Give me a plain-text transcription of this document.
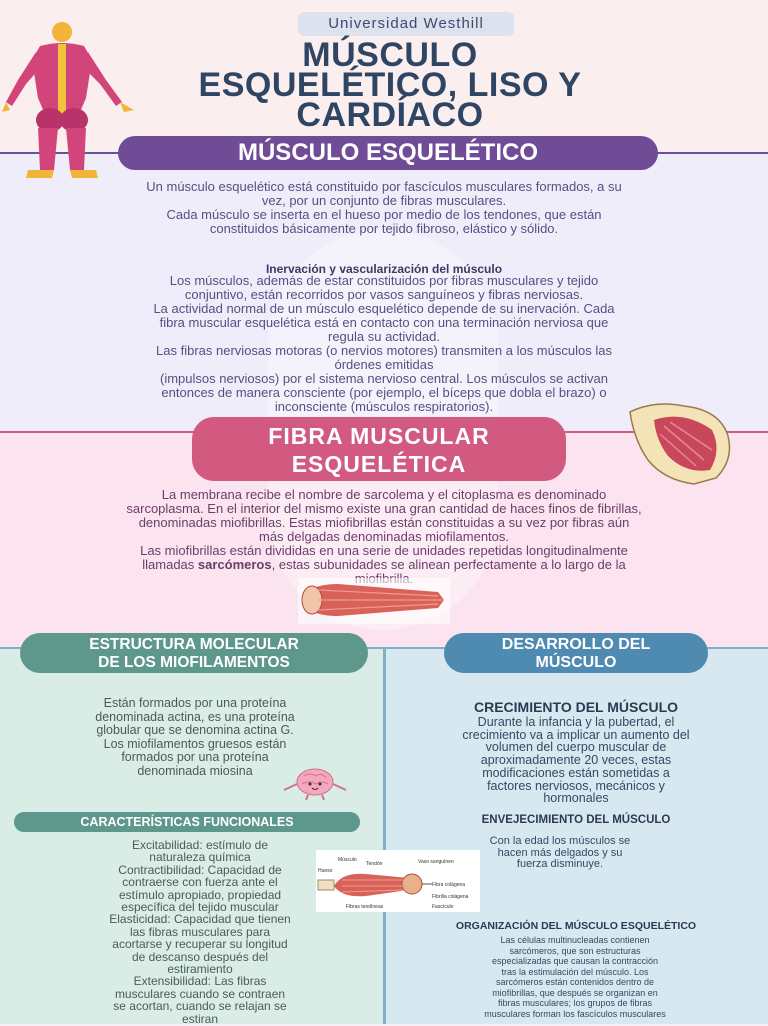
Universidad Westhill
MÚSCULO
ESQUELÉTICO, LISO Y
CARDÍACO
MÚSCULO ESQUELÉTICO

Un músculo esquelético está constituido por fascículos musculares formados, a su

vez, por un conjunto de fibras musculares.

Cada músculo se inserta en el hueso por medio de los tendones, que están

constituidos básicamente por tejido fibroso, elástico y sólido.

Inervación y vascularización del músculo

Los músculos, además de estar constituidos por fibras musculares y tejido

conjuntivo, están recorridos por vasos sanguíneos y fibras nerviosas.

La actividad normal de un músculo esquelético depende de su inervación. Cada

fibra muscular esquelética está en contacto con una terminación nerviosa que

regula su actividad.

Las fibras nerviosas motoras (o nervios motores) transmiten a los músculos las

órdenes emitidas

(impulsos nerviosos) por el sistema nervioso central. Los músculos se activan

entonces de manera consciente (por ejemplo, el bíceps que dobla el brazo) o

inconsciente (músculos respiratorios).

FIBRA MUSCULAR
ESQUELÉTICA

La membrana recibe el nombre de sarcolema y el citoplasma es denominado

sarcoplasma. En el interior del mismo existe una gran cantidad de haces finos de fibrillas,

denominadas miofibrillas. Estas miofibrillas están constituidas a su vez por fibras aún

más delgadas denominadas miofilamentos.

Las miofibrillas están divididas en una serie de unidades repetidas longitudinalmente

llamadas sarcómeros, estas subunidades se alinean perfectamente a lo largo de la

ESTRUCTURA MOLECULAR
DE LOS MIOFILAMENTOS

Están formados por una proteína

denominada actina, es una proteína

globular que se denomina actina G.

Los miofilamentos gruesos están

formados por una proteína

denominada miosina

CARACTERÍSTICAS FUNCIONALES

Excitabilidad: estímulo de

naturaleza química

Contractibilidad: Capacidad de

contraerse con fuerza ante el

estímulo apropiado, propiedad

específica del tejido muscular

Elasticidad: Capacidad que tienen

las fibras musculares para

acortarse y recuperar su longitud

de descanso después del

estiramiento

Extensibilidad: Las fibras

musculares cuando se contraen

se acortan, cuando se relajan se

estiran

Músculo
Tendón	Vaso sanguíneo
Hueso
Fibra colágena
Fibrilla colágena
Fibras tendíneas	Fascículo
DESARROLLO DEL
MÚSCULO
CRECIMIENTO DEL MÚSCULO

Durante la infancia y la pubertad, el

crecimiento va a implicar un aumento del

volumen del cuerpo muscular de

aproximadamente 20 veces, estas

modificaciones están sometidas a

factores nerviosos, mecánicos y

hormonales

ENVEJECIMIENTO DEL MÚSCULO

Con la edad los músculos se

hacen más delgados y su

fuerza disminuye.

ORGANIZACIÓN DEL MÚSCULO ESQUELÉTICO

Las células multinucleadas contienen

sarcómeros, que son estructuras

especializadas que causan la contracción

tras la estimulación del músculo. Los

sarcómeros están contenidos dentro de

miofibrillas, que después se organizan en

fibras musculares; los grupos de fibras

musculares forman los fascículos musculares
